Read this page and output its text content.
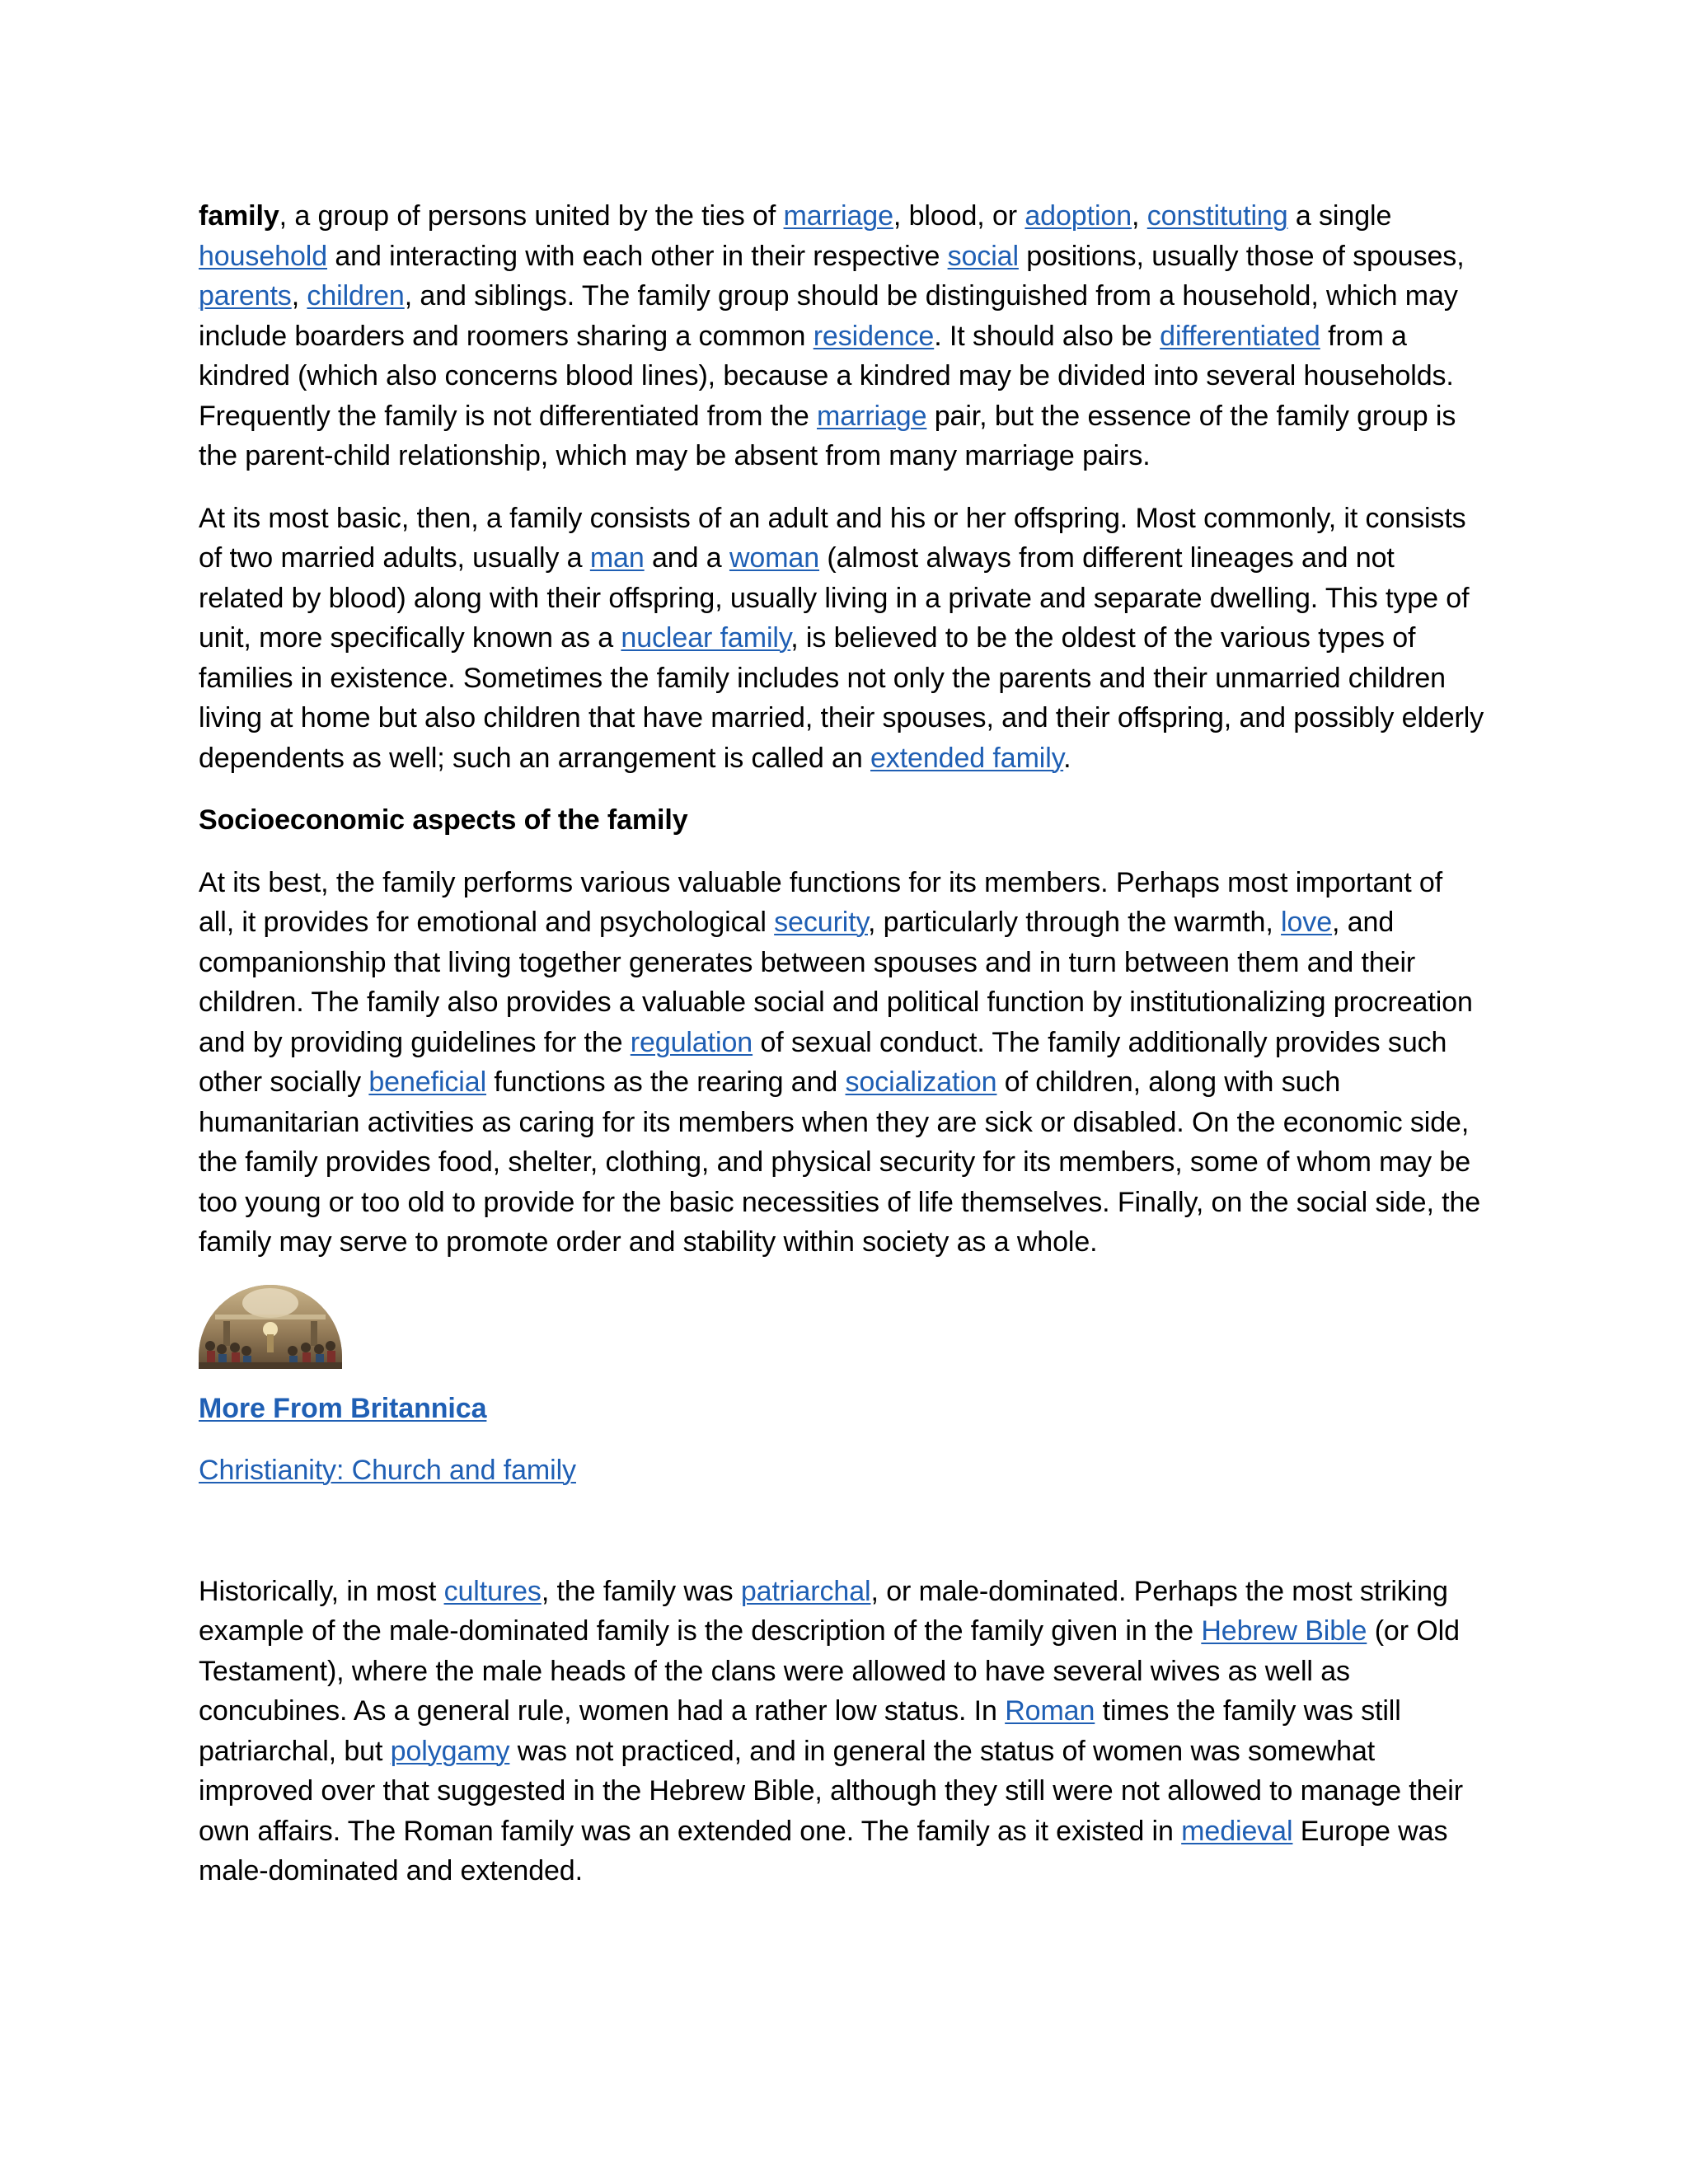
family, a group of persons united by the ties of marriage, blood, or adoption, constituting a single household and interacting with each other in their respective social positions, usually those of spouses, parents, children, and siblings. The family group should be distinguished from a household, which may include boarders and roomers sharing a common residence. It should also be differentiated from a kindred (which also concerns blood lines), because a kindred may be divided into several households. Frequently the family is not differentiated from the marriage pair, but the essence of the family group is the parent-child relationship, which may be absent from many marriage pairs.

At its most basic, then, a family consists of an adult and his or her offspring. Most commonly, it consists of two married adults, usually a man and a woman (almost always from different lineages and not related by blood) along with their offspring, usually living in a private and separate dwelling. This type of unit, more specifically known as a nuclear family, is believed to be the oldest of the various types of families in existence. Sometimes the family includes not only the parents and their unmarried children living at home but also children that have married, their spouses, and their offspring, and possibly elderly dependents as well; such an arrangement is called an extended family.

Socioeconomic aspects of the family

At its best, the family performs various valuable functions for its members. Perhaps most important of all, it provides for emotional and psychological security, particularly through the warmth, love, and companionship that living together generates between spouses and in turn between them and their children. The family also provides a valuable social and political function by institutionalizing procreation and by providing guidelines for the regulation of sexual conduct. The family additionally provides such other socially beneficial functions as the rearing and socialization of children, along with such humanitarian activities as caring for its members when they are sick or disabled. On the economic side, the family provides food, shelter, clothing, and physical security for its members, some of whom may be too young or too old to provide for the basic necessities of life themselves. Finally, on the social side, the family may serve to promote order and stability within society as a whole.

More From Britannica

Christianity: Church and family

Historically, in most cultures, the family was patriarchal, or male-dominated. Perhaps the most striking example of the male-dominated family is the description of the family given in the Hebrew Bible (or Old Testament), where the male heads of the clans were allowed to have several wives as well as concubines. As a general rule, women had a rather low status. In Roman times the family was still patriarchal, but polygamy was not practiced, and in general the status of women was somewhat improved over that suggested in the Hebrew Bible, although they still were not allowed to manage their own affairs. The Roman family was an extended one. The family as it existed in medieval Europe was male-dominated and extended.
